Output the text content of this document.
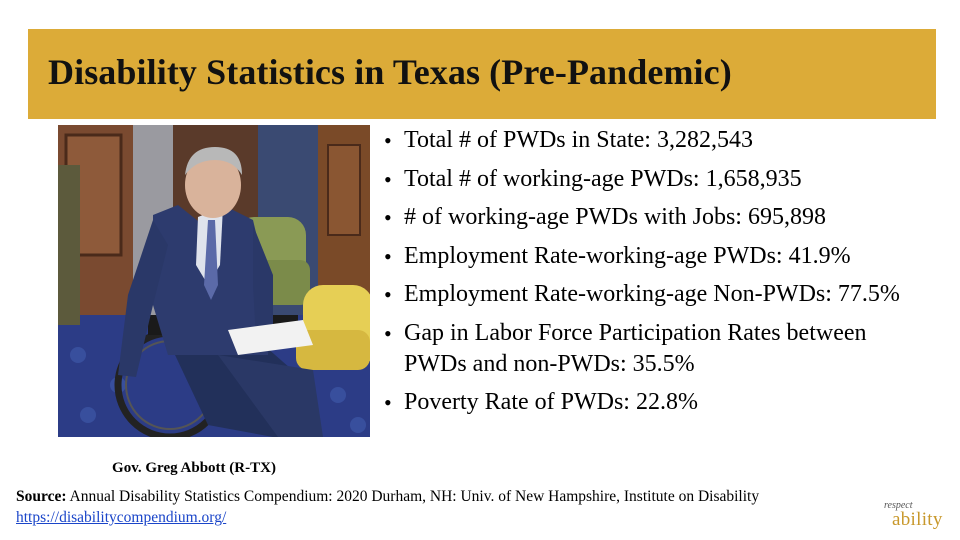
Disability Statistics in Texas (Pre-Pandemic)
Gov. Greg Abbott (R-TX)
• Total # of PWDs in State: 3,282,543
• Total # of working-age PWDs: 1,658,935
• # of working-age PWDs with Jobs: 695,898
• Employment Rate-working-age PWDs: 41.9%
• Employment Rate-working-age Non-PWDs: 77.5%
• Gap in Labor Force Participation Rates between PWDs and non-PWDs: 35.5%
• Poverty Rate of PWDs: 22.8%
Source: Annual Disability Statistics Compendium: 2020 Durham, NH: Univ. of New Hampshire, Institute on Disability
https://disabilitycompendium.org/
respect
ability
